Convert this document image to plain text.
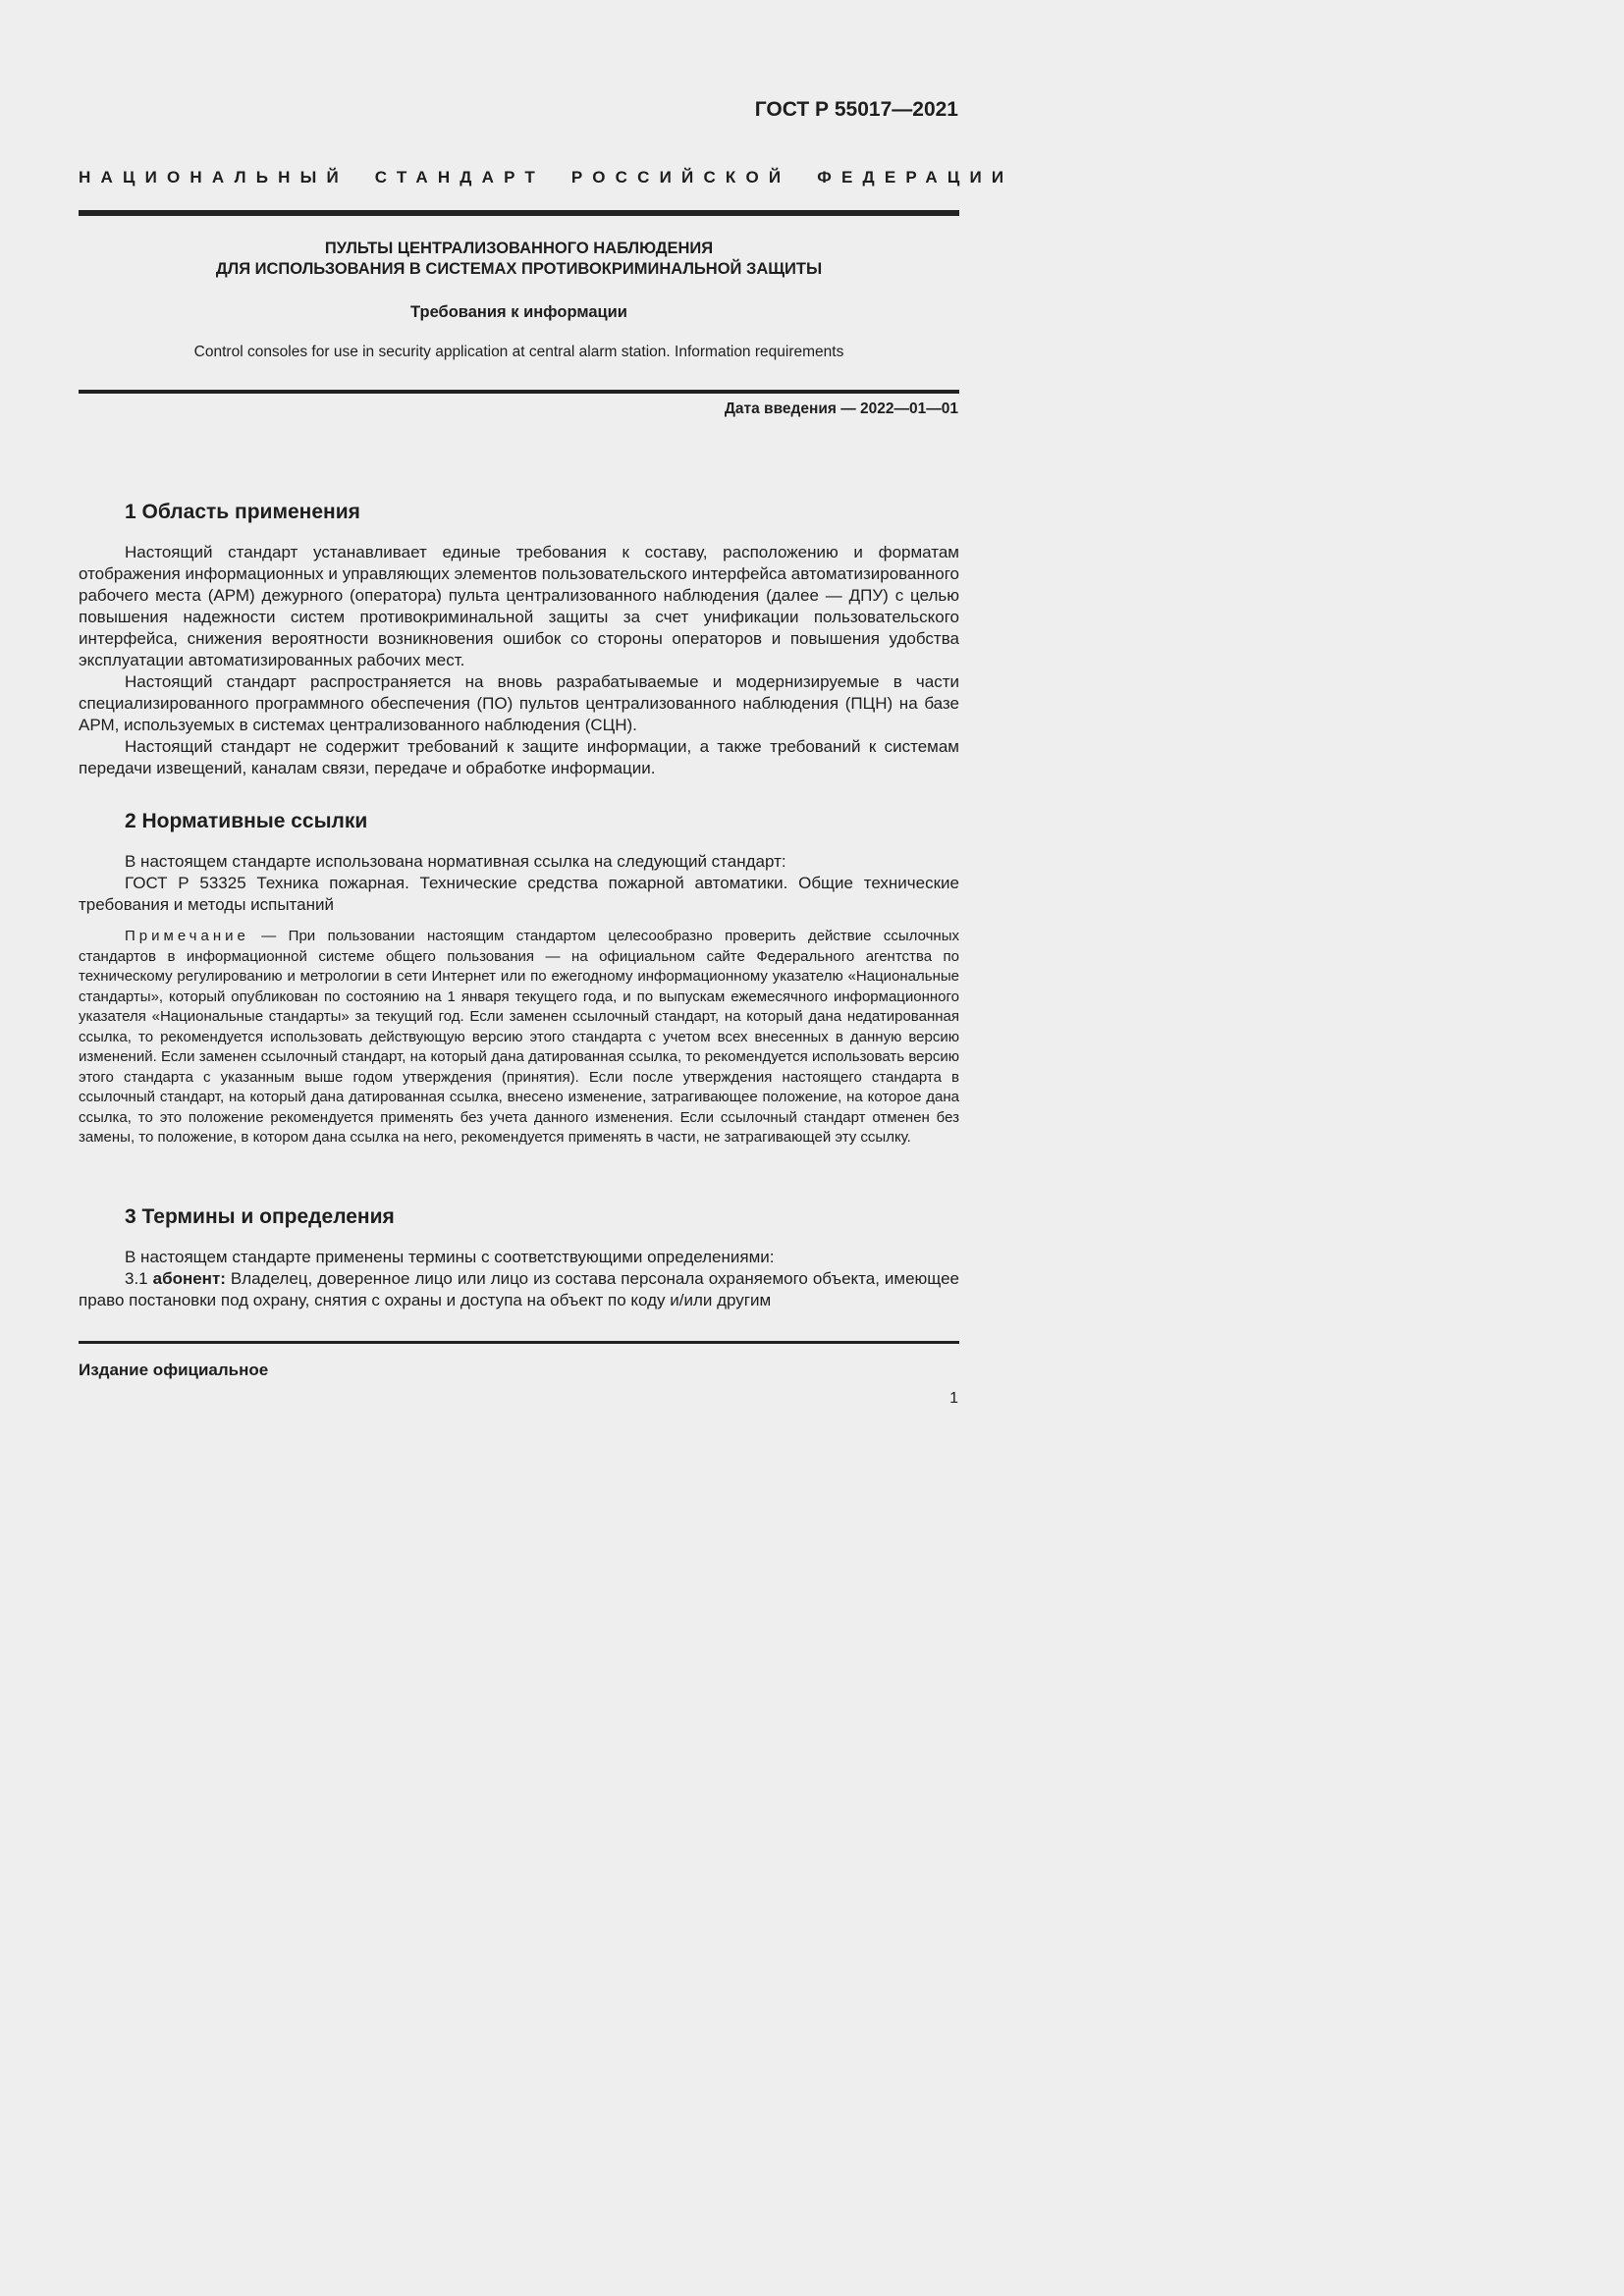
ГОСТ Р 55017—2021
НАЦИОНАЛЬНЫЙ СТАНДАРТ РОССИЙСКОЙ ФЕДЕРАЦИИ
ПУЛЬТЫ ЦЕНТРАЛИЗОВАННОГО НАБЛЮДЕНИЯ
ДЛЯ ИСПОЛЬЗОВАНИЯ В СИСТЕМАХ ПРОТИВОКРИМИНАЛЬНОЙ ЗАЩИТЫ
Требования к информации
Control consoles for use in security application at central alarm station. Information requirements
Дата введения — 2022—01—01
1 Область применения

Настоящий стандарт устанавливает единые требования к составу, расположению и форматам отображения информационных и управляющих элементов пользовательского интерфейса автоматизированного рабочего места (АРМ) дежурного (оператора) пульта централизованного наблюдения (далее — ДПУ) с целью повышения надежности систем противокриминальной защиты за счет унификации пользовательского интерфейса, снижения вероятности возникновения ошибок со стороны операторов и повышения удобства эксплуатации автоматизированных рабочих мест.

Настоящий стандарт распространяется на вновь разрабатываемые и модернизируемые в части специализированного программного обеспечения (ПО) пультов централизованного наблюдения (ПЦН) на базе АРМ, используемых в системах централизованного наблюдения (СЦН).

Настоящий стандарт не содержит требований к защите информации, а также требований к системам передачи извещений, каналам связи, передаче и обработке информации.

2 Нормативные ссылки

В настоящем стандарте использована нормативная ссылка на следующий стандарт:

ГОСТ Р 53325 Техника пожарная. Технические средства пожарной автоматики. Общие технические требования и методы испытаний

Примечание — При пользовании настоящим стандартом целесообразно проверить действие ссылочных стандартов в информационной системе общего пользования — на официальном сайте Федерального агентства по техническому регулированию и метрологии в сети Интернет или по ежегодному информационному указателю «Национальные стандарты», который опубликован по состоянию на 1 января текущего года, и по выпускам ежемесячного информационного указателя «Национальные стандарты» за текущий год. Если заменен ссылочный стандарт, на который дана недатированная ссылка, то рекомендуется использовать действующую версию этого стандарта с учетом всех внесенных в данную версию изменений. Если заменен ссылочный стандарт, на который дана датированная ссылка, то рекомендуется использовать версию этого стандарта с указанным выше годом утверждения (принятия). Если после утверждения настоящего стандарта в ссылочный стандарт, на который дана датированная ссылка, внесено изменение, затрагивающее положение, на которое дана ссылка, то это положение рекомендуется применять без учета данного изменения. Если ссылочный стандарт отменен без замены, то положение, в котором дана ссылка на него, рекомендуется применять в части, не затрагивающей эту ссылку.

3 Термины и определения

В настоящем стандарте применены термины с соответствующими определениями:

3.1 абонент: Владелец, доверенное лицо или лицо из состава персонала охраняемого объекта, имеющее право постановки под охрану, снятия с охраны и доступа на объект по коду и/или другим

Издание официальное
1
